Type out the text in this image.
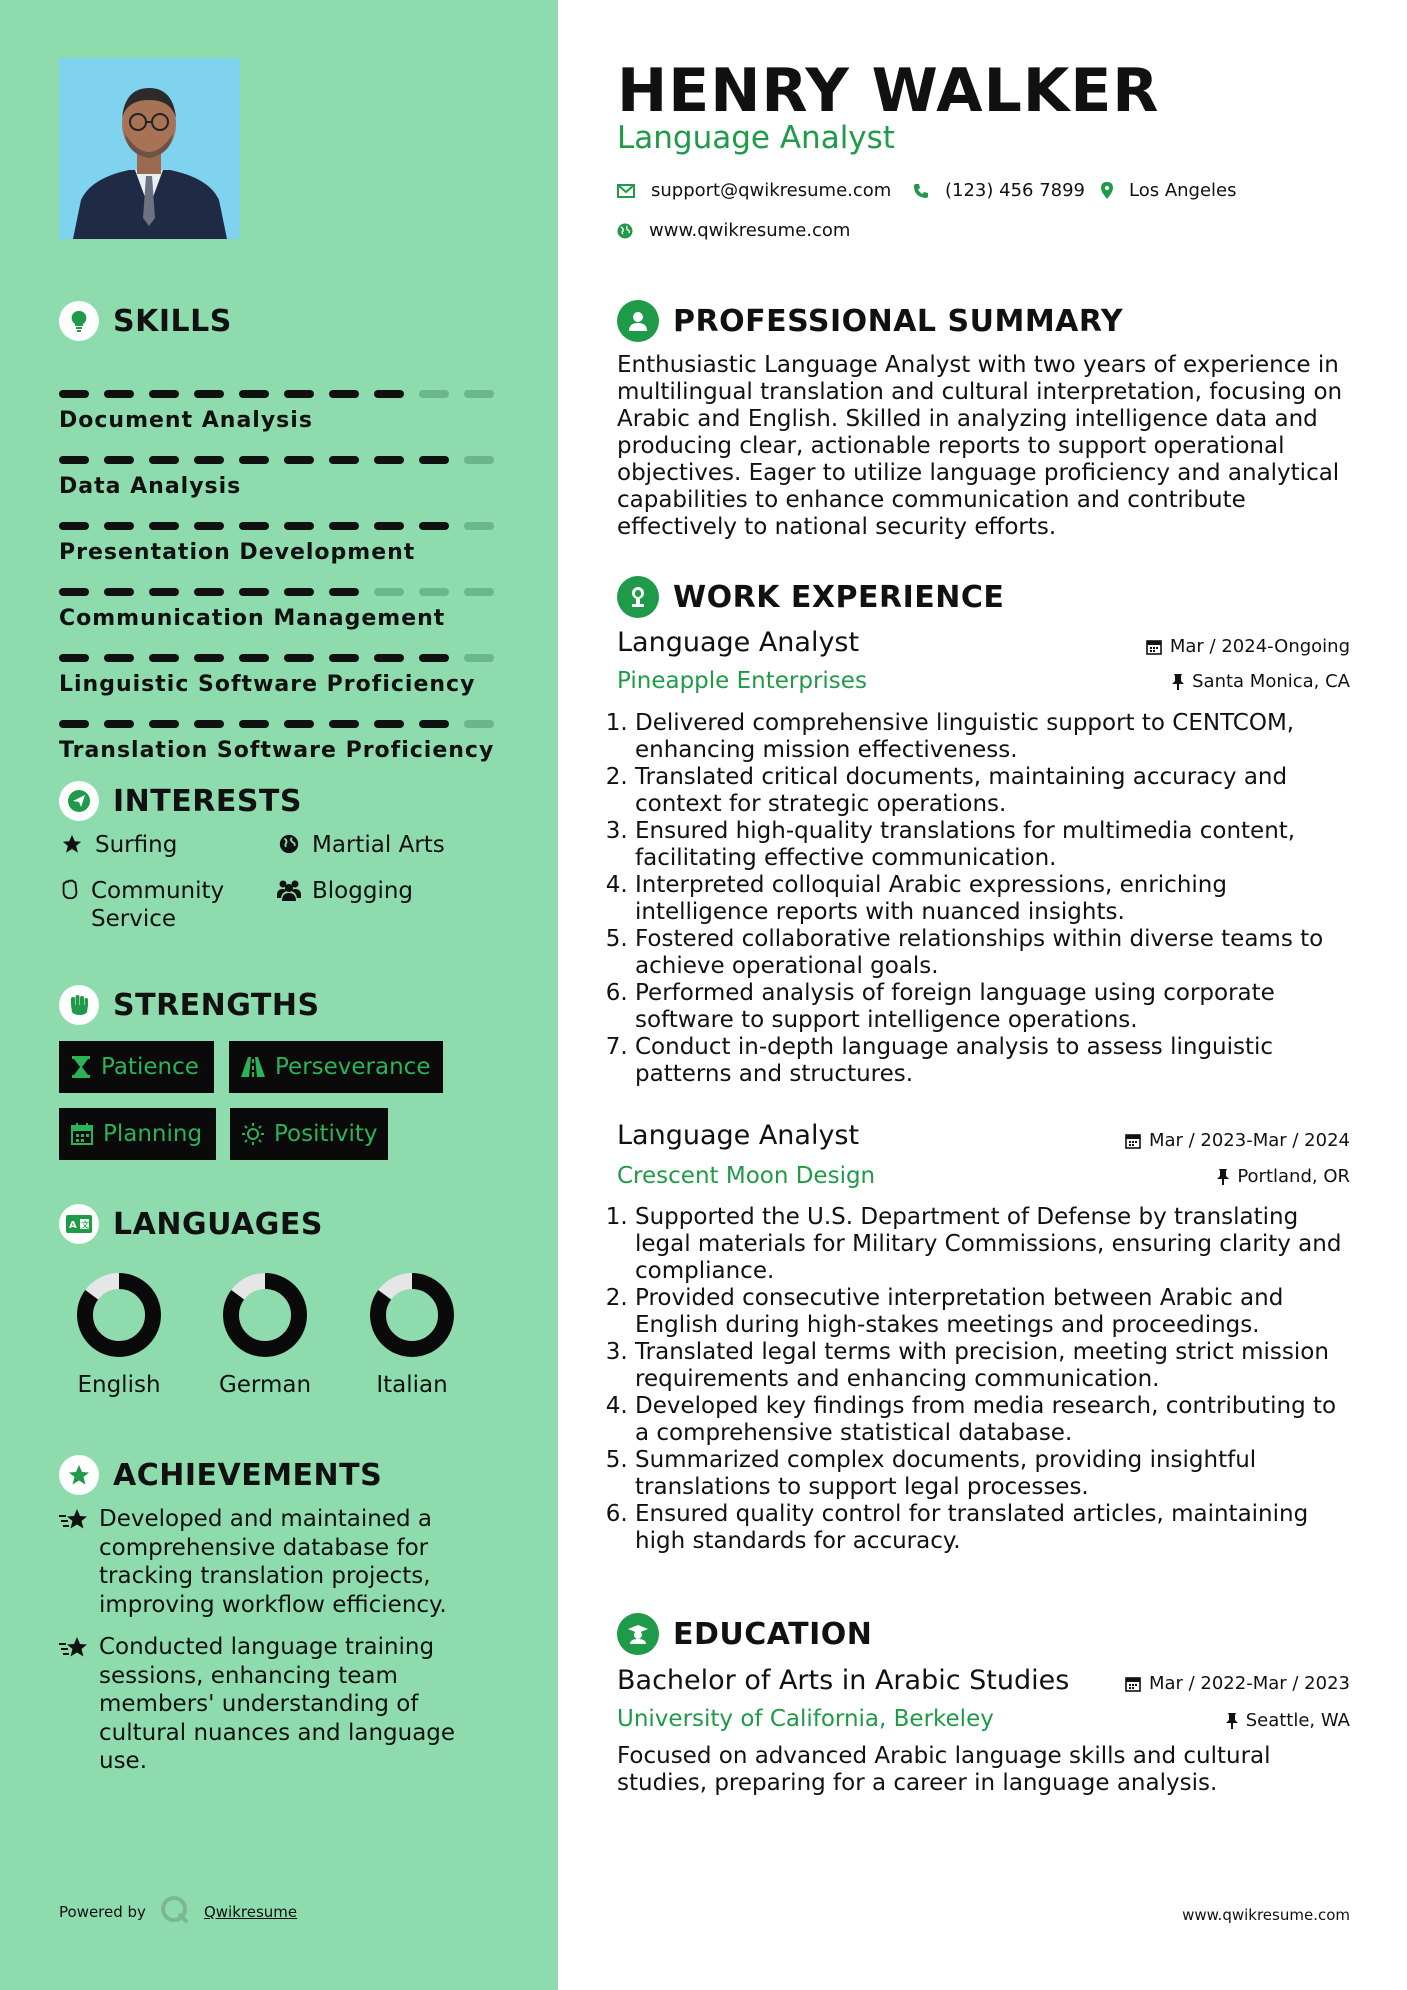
SKILLS
Document Analysis
Data Analysis
Presentation Development
Communication Management
Linguistic Software Proficiency
Translation Software Proficiency
INTERESTS
Surfing	Martial Arts
Community Service
Blogging
STRENGTHS
Patience	Perseverance
Planning	Positivity
A 文 LANGUAGES
English	German	Italian
ACHIEVEMENTS
Developed and maintained a comprehensive database for tracking translation projects, improving workflow efficiency.
Conducted language training sessions, enhancing team members' understanding of cultural nuances and language use.
Powered by	Qwikresume
HENRY WALKER
Language Analyst
support@qwikresume.com	(123) 456 7899 Los Angeles
www.qwikresume.com
PROFESSIONAL SUMMARY
Enthusiastic Language Analyst with two years of experience in multilingual translation and cultural interpretation, focusing on Arabic and English. Skilled in analyzing intelligence data and producing clear, actionable reports to support operational objectives. Eager to utilize language proficiency and analytical capabilities to enhance communication and contribute effectively to national security efforts.
WORK EXPERIENCE
Language Analyst	Mar / 2024-Ongoing
Pineapple Enterprises	Santa Monica, CA
1. Delivered comprehensive linguistic support to CENTCOM, enhancing mission effectiveness.
2. Translated critical documents, maintaining accuracy and context for strategic operations.
3. Ensured high-quality translations for multimedia content, facilitating effective communication.
4. Interpreted colloquial Arabic expressions, enriching intelligence reports with nuanced insights.
5. Fostered collaborative relationships within diverse teams to achieve operational goals.
6. Performed analysis of foreign language using corporate software to support intelligence operations.
7. Conduct in-depth language analysis to assess linguistic patterns and structures.
Language Analyst	Mar / 2023-Mar / 2024
Crescent Moon Design	Portland, OR
1. Supported the U.S. Department of Defense by translating legal materials for Military Commissions, ensuring clarity and compliance.
2. Provided consecutive interpretation between Arabic and English during high-stakes meetings and proceedings.
3. Translated legal terms with precision, meeting strict mission requirements and enhancing communication.
4. Developed key findings from media research, contributing to a comprehensive statistical database.
5. Summarized complex documents, providing insightful translations to support legal processes.
6. Ensured quality control for translated articles, maintaining high standards for accuracy.
EDUCATION
Bachelor of Arts in Arabic Studies	Mar / 2022-Mar / 2023
University of California, Berkeley	Seattle, WA
Focused on advanced Arabic language skills and cultural studies, preparing for a career in language analysis.
www.qwikresume.com
